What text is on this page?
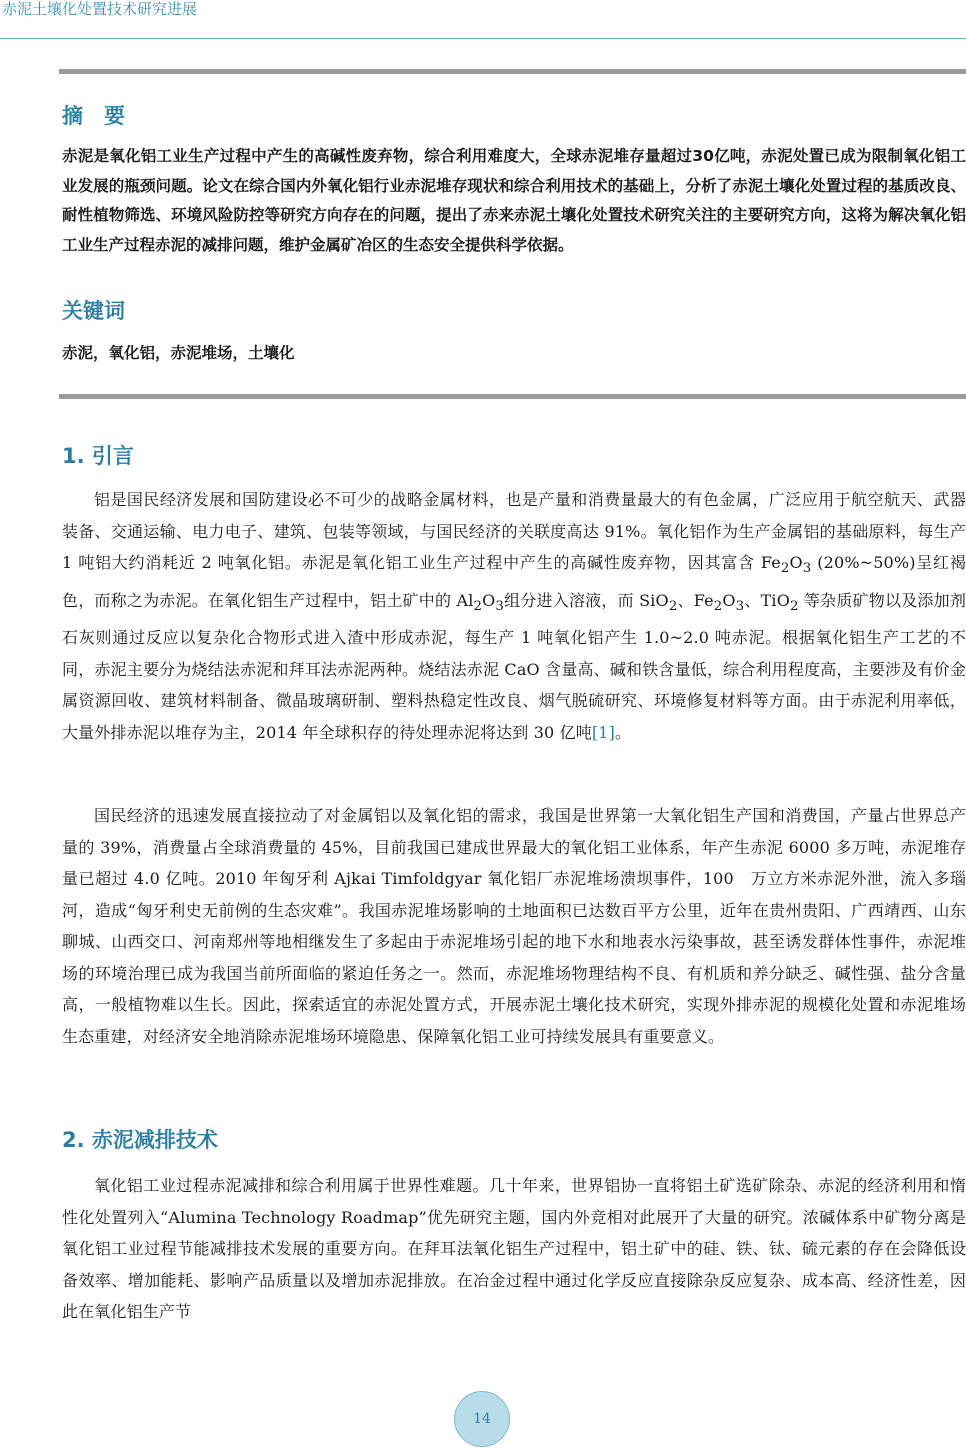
赤泥土壤化处置技术研究进展
摘　要

赤泥是氧化铝工业生产过程中产生的高碱性废弃物，综合利用难度大，全球赤泥堆存量超过30亿吨，赤泥处置已成为限制氧化铝工业发展的瓶颈问题。论文在综合国内外氧化铝行业赤泥堆存现状和综合利用技术的基础上，分析了赤泥土壤化处置过程的基质改良、耐性植物筛选、环境风险防控等研究方向存在的问题，提出了赤来赤泥土壤化处置技术研究关注的主要研究方向，这将为解决氧化铝工业生产过程赤泥的减排问题，维护金属矿冶区的生态安全提供科学依据。

关键词

赤泥，氧化铝，赤泥堆场，土壤化

1. 引言

铝是国民经济发展和国防建设必不可少的战略金属材料，也是产量和消费量最大的有色金属，广泛应用于航空航天、武器装备、交通运输、电力电子、建筑、包装等领域，与国民经济的关联度高达 91%。氧化铝作为生产金属铝的基础原料，每生产 1 吨铝大约消耗近 2 吨氧化铝。赤泥是氧化铝工业生产过程中产生的高碱性废弃物，因其富含 $Fe_2O_3$ (20%~50%)呈红褐色，而称之为赤泥。在氧化铝生产过程中，铝土矿中的 $Al_2O_3$组分进入溶液，而 SiO$_2$、$Fe_2O_3$、TiO$_2$ 等杂质矿物以及添加剂石灰则通过反应以复杂化合物形式进入渣中形成赤泥，每生产 1 吨氧化铝产生 1.0~2.0 吨赤泥。根据氧化铝生产工艺的不同，赤泥主要分为烧结法赤泥和拜耳法赤泥两种。烧结法赤泥 CaO 含量高、碱和铁含量低，综合利用程度高，主要涉及有价金属资源回收、建筑材料制备、微晶玻璃研制、塑料热稳定性改良、烟气脱硫研究、环境修复材料等方面。由于赤泥利用率低，大量外排赤泥以堆存为主，2014 年全球积存的待处理赤泥将达到 30 亿吨[1]。

国民经济的迅速发展直接拉动了对金属铝以及氧化铝的需求，我国是世界第一大氧化铝生产国和消费国，产量占世界总产量的 39%，消费量占全球消费量的 45%，目前我国已建成世界最大的氧化铝工业体系，年产生赤泥 6000 多万吨，赤泥堆存量已超过 4.0 亿吨。2010 年匈牙利 Ajkai Timfoldgyar 氧化铝厂赤泥堆场溃坝事件，100　万立方米赤泥外泄，流入多瑙河，造成“匈牙利史无前例的生态灾难”。我国赤泥堆场影响的土地面积已达数百平方公里，近年在贵州贵阳、广西靖西、山东聊城、山西交口、河南郑州等地相继发生了多起由于赤泥堆场引起的地下水和地表水污染事故，甚至诱发群体性事件，赤泥堆场的环境治理已成为我国当前所面临的紧迫任务之一。然而，赤泥堆场物理结构不良、有机质和养分缺乏、碱性强、盐分含量高，一般植物难以生长。因此，探索适宜的赤泥处置方式，开展赤泥土壤化技术研究，实现外排赤泥的规模化处置和赤泥堆场生态重建，对经济安全地消除赤泥堆场环境隐患、保障氧化铝工业可持续发展具有重要意义。

2. 赤泥减排技术

氧化铝工业过程赤泥减排和综合利用属于世界性难题。几十年来，世界铝协一直将铝土矿选矿除杂、赤泥的经济利用和惰性化处置列入“Alumina Technology Roadmap”优先研究主题，国内外竞相对此展开了大量的研究。浓碱体系中矿物分离是氧化铝工业过程节能减排技术发展的重要方向。在拜耳法氧化铝生产过程中，铝土矿中的硅、铁、钛、硫元素的存在会降低设备效率、增加能耗、影响产品质量以及增加赤泥排放。在冶金过程中通过化学反应直接除杂反应复杂、成本高、经济性差，因此在氧化铝生产节

14
